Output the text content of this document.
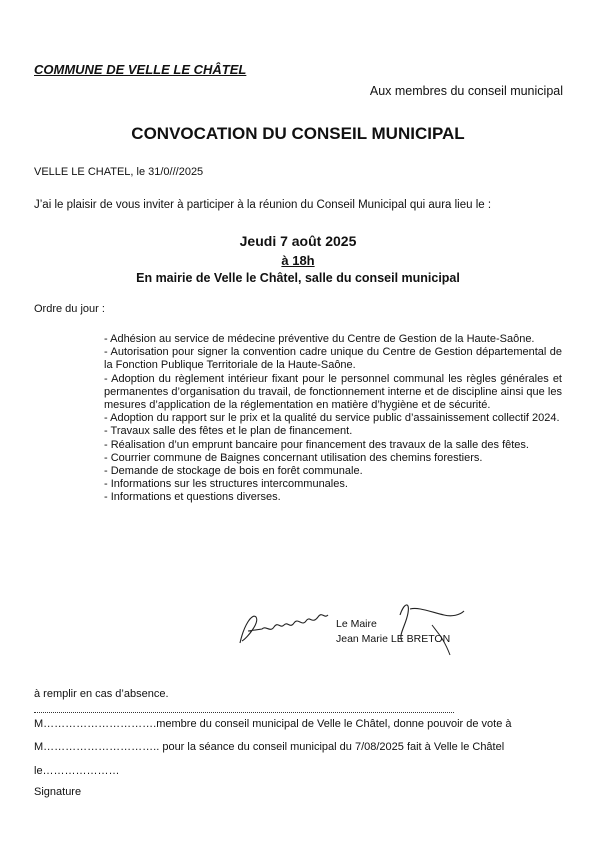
COMMUNE DE VELLE LE CHÂTEL
Aux membres du conseil municipal
CONVOCATION DU CONSEIL MUNICIPAL
VELLE LE CHATEL, le 31/0///2025
J’ai le plaisir de vous inviter à participer à la réunion du Conseil Municipal qui aura lieu le :
Jeudi 7 août 2025
à 18h
En mairie de Velle le Châtel, salle du conseil municipal
Ordre du jour :
- Adhésion au service de médecine préventive du Centre de Gestion de la Haute-Saône.
- Autorisation pour signer la convention cadre unique du Centre de Gestion départemental de la Fonction Publique Territoriale de la Haute-Saône.
- Adoption du règlement intérieur fixant pour le personnel communal les règles générales et permanentes d’organisation du travail, de fonctionnement interne et de discipline ainsi que les mesures d’application de la réglementation en matière d’hygiène et de sécurité.
- Adoption du rapport sur le prix et la qualité du service public d’assainissement collectif 2024.
- Travaux salle des fêtes et le plan de financement.
- Réalisation d’un emprunt bancaire pour financement des travaux de la salle des fêtes.
- Courrier commune de Baignes concernant utilisation des chemins forestiers.
- Demande de stockage de bois en forêt communale.
- Informations sur les structures intercommunales.
- Informations et questions diverses.
Le Maire
Jean Marie LE BRETON
à remplir en cas d’absence.
M………………………….membre du conseil municipal de Velle le Châtel, donne pouvoir de vote à
M………………………….. pour la séance du conseil municipal du 7/08/2025 fait à Velle le Châtel
le…………………
Signature
